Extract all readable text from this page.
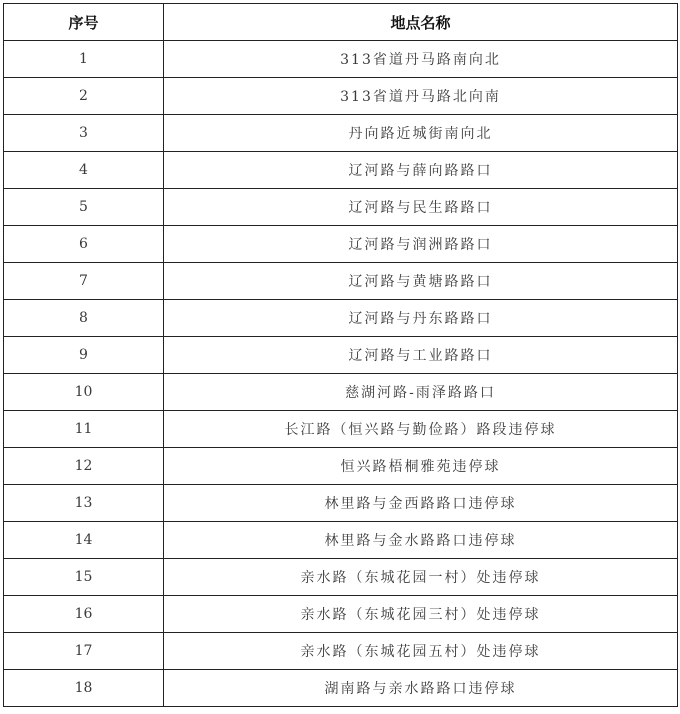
序号	地点名称
1	313省道丹马路南向北
2	313省道丹马路北向南
3	丹向路近城街南向北
4	辽河路与薛向路路口
5	辽河路与民生路路口
6	辽河路与润洲路路口
7	辽河路与黄塘路路口
8	辽河路与丹东路路口
9	辽河路与工业路路口
10	慈湖河路-雨泽路路口
11	长江路（恒兴路与勤俭路）路段违停球
12	恒兴路梧桐雅苑违停球
13	林里路与金西路路口违停球
14	林里路与金水路路口违停球
15	亲水路（东城花园一村）处违停球
16	亲水路（东城花园三村）处违停球
17	亲水路（东城花园五村）处违停球
18	湖南路与亲水路路口违停球
